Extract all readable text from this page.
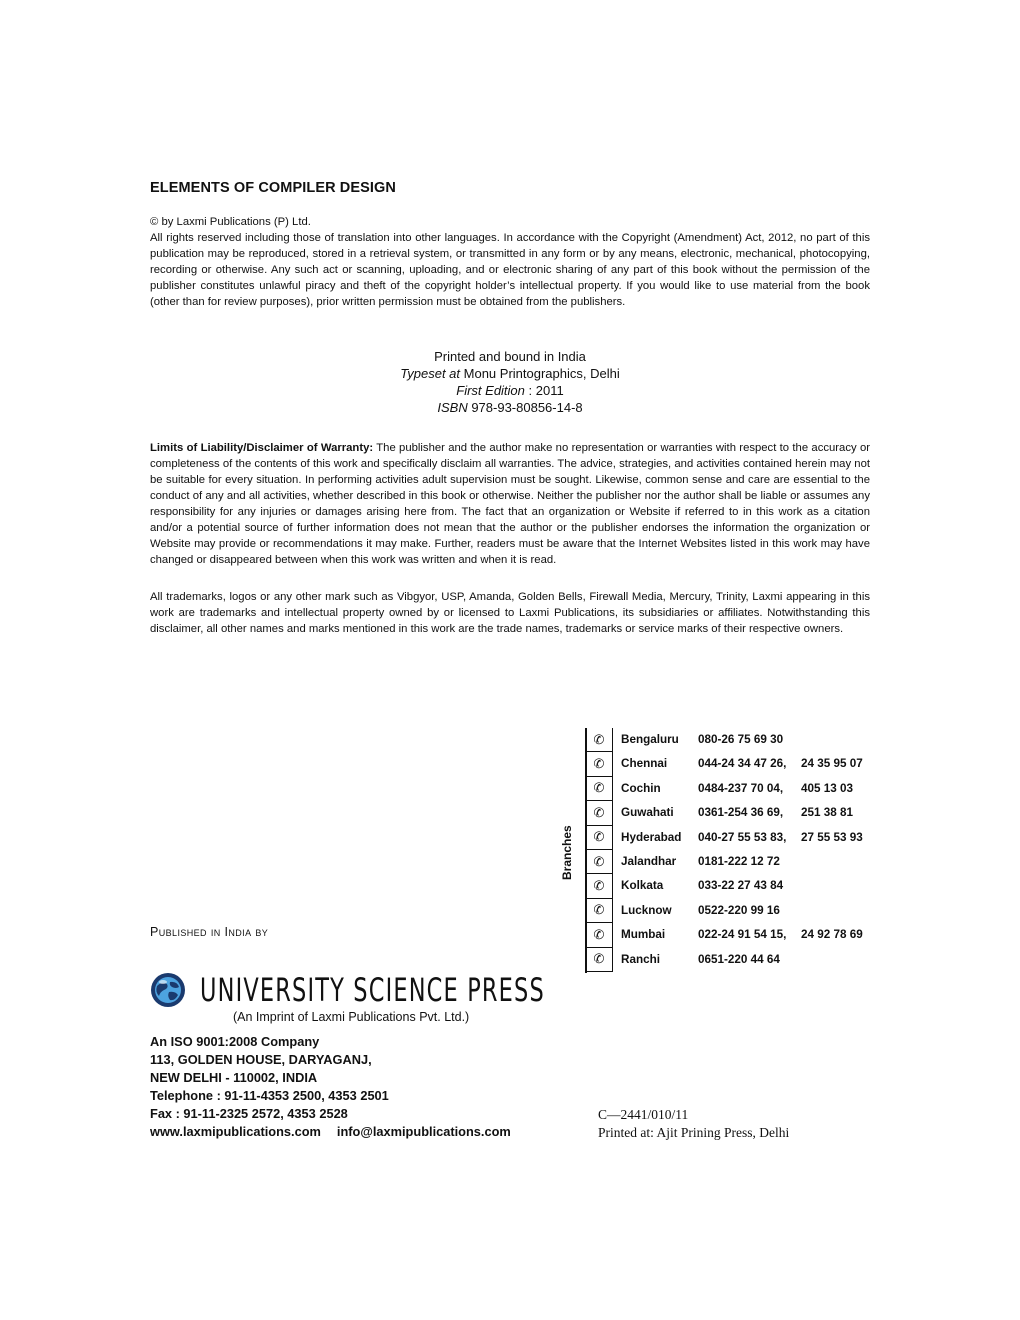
ELEMENTS OF COMPILER DESIGN
© by Laxmi Publications (P) Ltd.
All rights reserved including those of translation into other languages. In accordance with the Copyright (Amendment) Act, 2012, no part of this publication may be reproduced, stored in a retrieval system, or transmitted in any form or by any means, electronic, mechanical, photocopying, recording or otherwise. Any such act or scanning, uploading, and or electronic sharing of any part of this book without the permission of the publisher constitutes unlawful piracy and theft of the copyright holder’s intellectual property. If you would like to use material from the book (other than for review purposes), prior written permission must be obtained from the publishers.
Printed and bound in India
Typeset at Monu Printographics, Delhi
First Edition : 2011
ISBN 978-93-80856-14-8
Limits of Liability/Disclaimer of Warranty: The publisher and the author make no representation or warranties with respect to the accuracy or completeness of the contents of this work and specifically disclaim all warranties. The advice, strategies, and activities contained herein may not be suitable for every situation. In performing activities adult supervision must be sought. Likewise, common sense and care are essential to the conduct of any and all activities, whether described in this book or otherwise. Neither the publisher nor the author shall be liable or assumes any responsibility for any injuries or damages arising here from. The fact that an organization or Website if referred to in this work as a citation and/or a potential source of further information does not mean that the author or the publisher endorses the information the organization or Website may provide or recommendations it may make. Further, readers must be aware that the Internet Websites listed in this work may have changed or disappeared between when this work was written and when it is read.
All trademarks, logos or any other mark such as Vibgyor, USP, Amanda, Golden Bells, Firewall Media, Mercury, Trinity, Laxmi appearing in this work are trademarks and intellectual property owned by or licensed to Laxmi Publications, its subsidiaries or affiliates. Notwithstanding this disclaimer, all other names and marks mentioned in this work are the trade names, trademarks or service marks of their respective owners.
Branches
✆	Bengaluru 080-26 75 69 30
✆	Chennai	044-24 34 47 26, 24 35 95 07
✆	Cochin	0484-237 70 04, 405 13 03
✆	Guwahati 0361-254 36 69, 251 38 81
✆	Hyderabad 040-27 55 53 83, 27 55 53 93
✆	Jalandhar 0181-222 12 72
✆	Kolkata	033-22 27 43 84
✆	Lucknow 0522-220 99 16
✆	Mumbai	022-24 91 54 15, 24 92 78 69
✆	Ranchi	0651-220 44 64
Published in India by
UNIVERSITY SCIENCE PRESS
(An Imprint of Laxmi Publications Pvt. Ltd.)
An ISO 9001:2008 Company
113, GOLDEN HOUSE, DARYAGANJ,
NEW DELHI - 110002, INDIA
Telephone : 91-11-4353 2500, 4353 2501
Fax : 91-11-2325 2572, 4353 2528
www.laxmipublications.com info@laxmipublications.com
C—2441/010/11
Printed at: Ajit Prining Press, Delhi
